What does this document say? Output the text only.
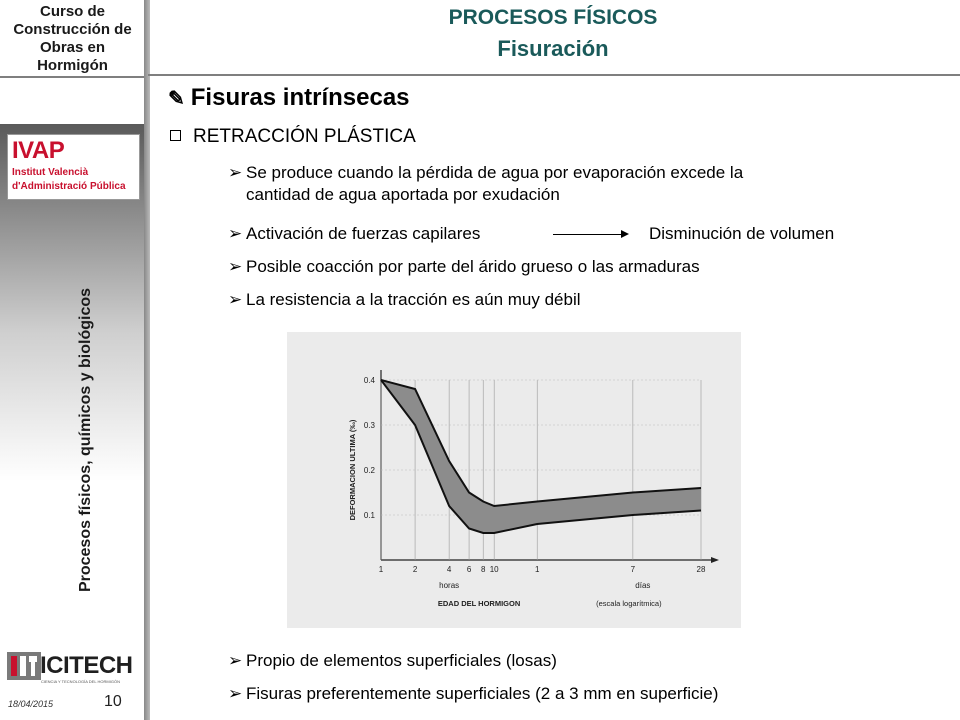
Curso de Construcción de Obras en Hormigón
IVAP
Institut Valencià
d'Administració Pública
Procesos físicos, químicos y biológicos
ICITECH
CIENCIA Y TECNOLOGÍA DEL HORMIGÓN
18/04/2015	10
PROCESOS FÍSICOS
Fisuración
✎ Fisuras intrínsecas
RETRACCIÓN PLÁSTICA
➢ Se produce cuando la pérdida de agua por evaporación excede la
cantidad de agua aportada por exudación
➢ Activación de fuerzas capilares	Disminución de volumen
➢ Posible coacción por parte del árido grueso o las armaduras
➢ La resistencia a la tracción es aún muy débil
0.4
0.3
0.2
0.1
1	2	4 6 8 10	1	7	28
horas	días
EDAD DEL HORMIGON	(escala logarítmica)
DEFORMACION ULTIMA (‰)
➢ Propio de elementos superficiales (losas)
➢ Fisuras preferentemente superficiales (2 a 3 mm en superficie)
